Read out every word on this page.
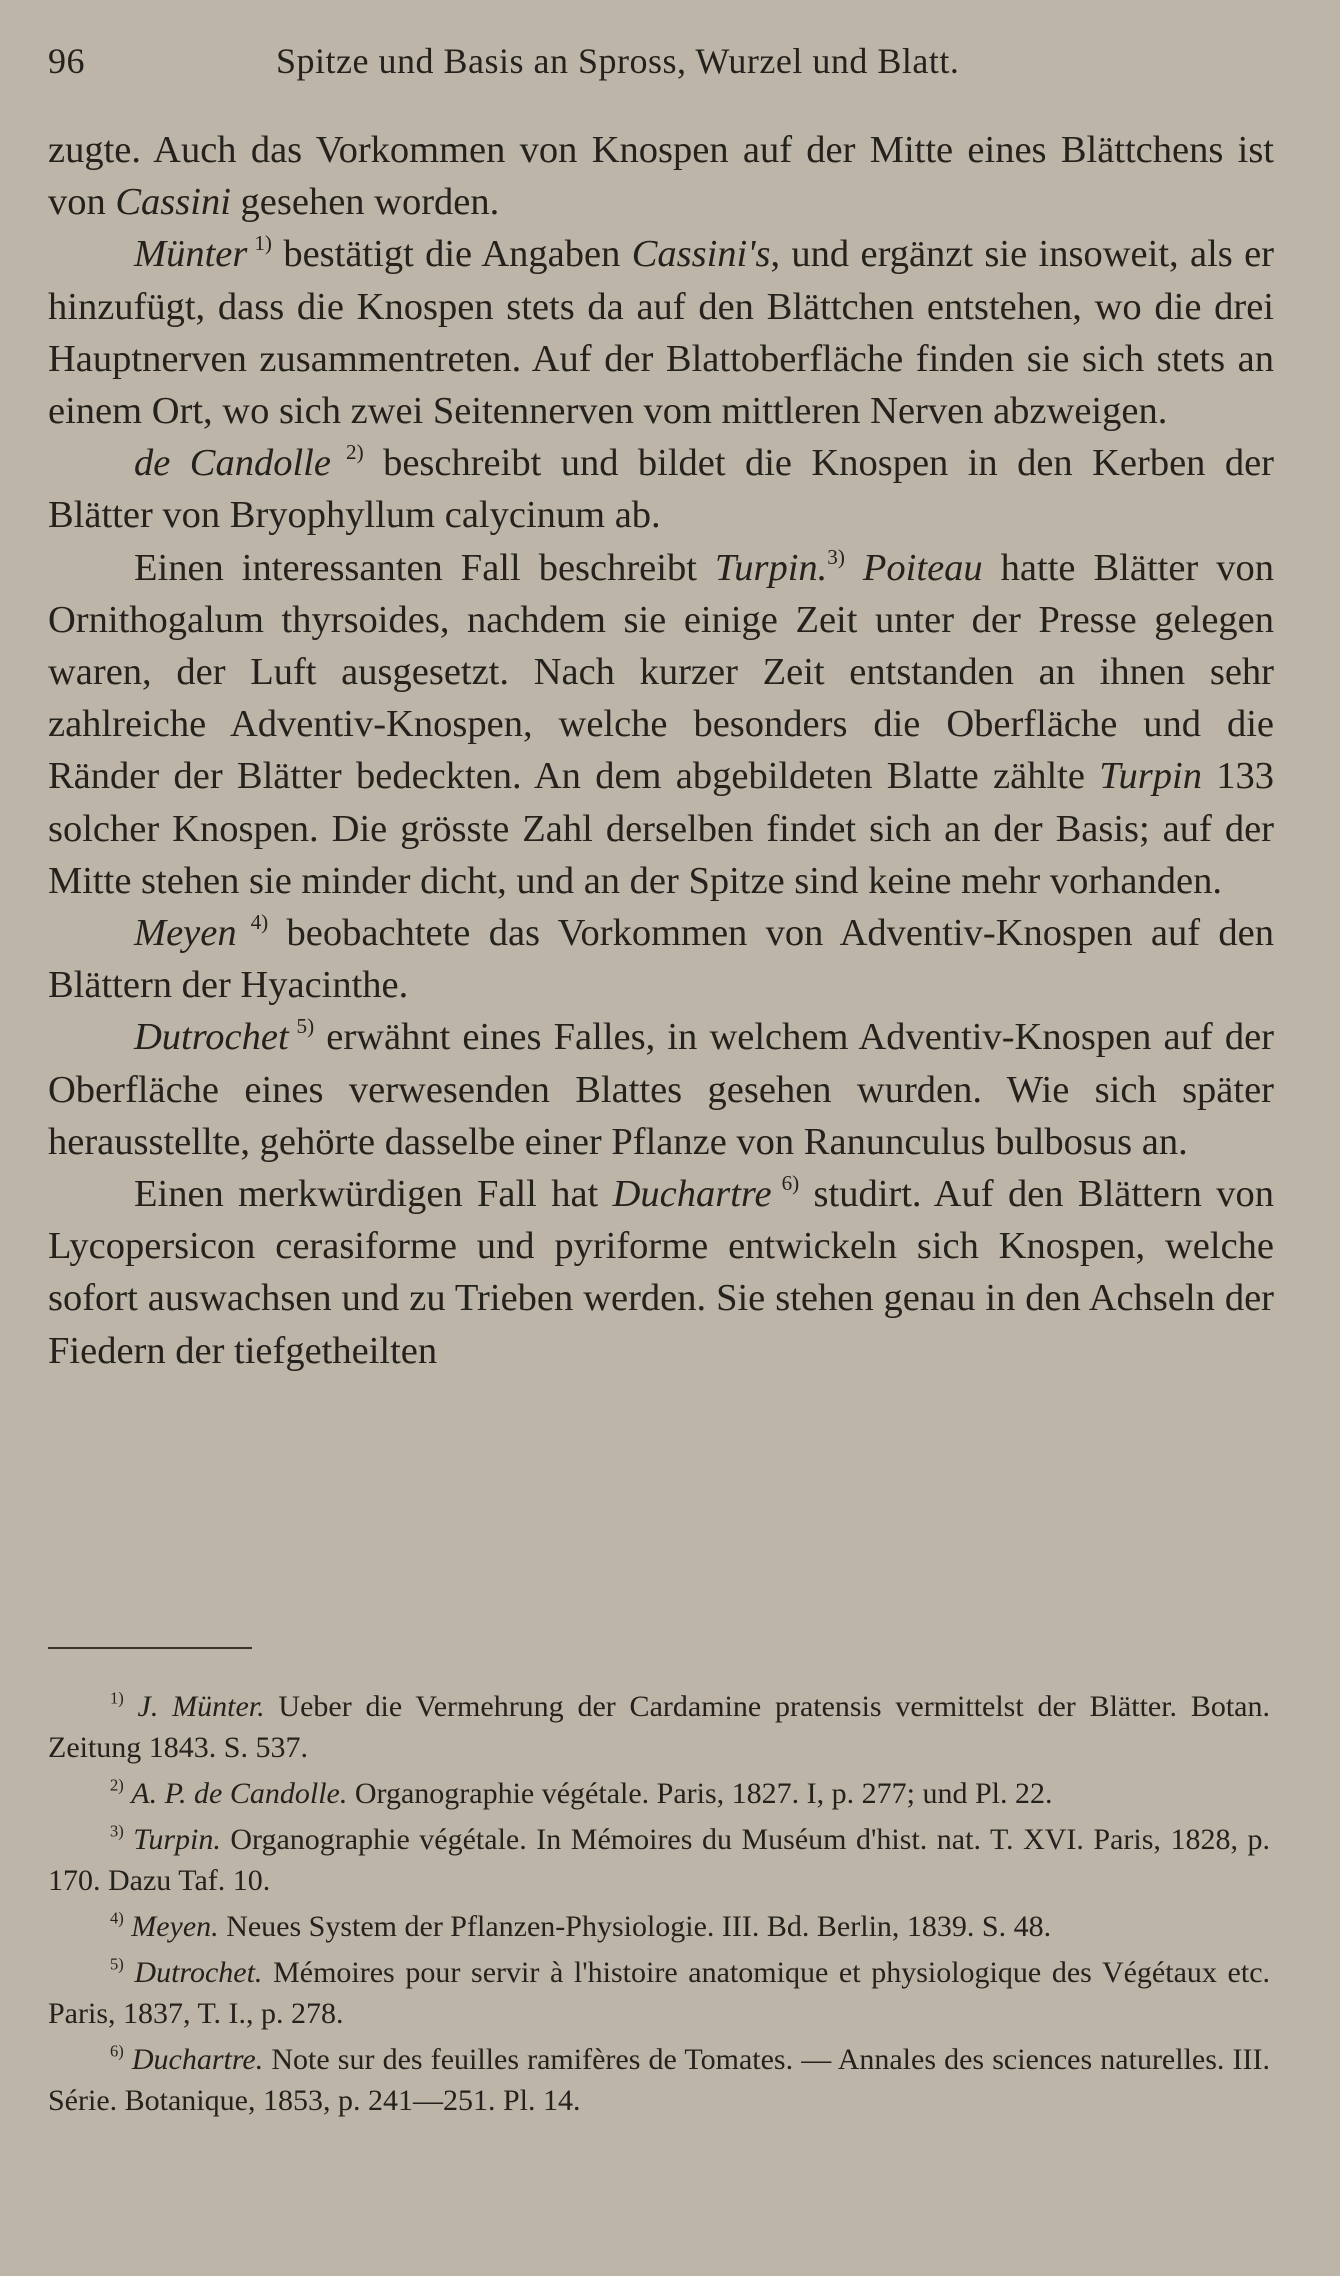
96	Spitze und Basis an Spross, Wurzel und Blatt.

zugte. Auch das Vorkommen von Knospen auf der Mitte eines Blättchens ist von Cassini gesehen worden.

Münter $^{1)}$ bestätigt die Angaben Cassini's, und ergänzt sie insoweit, als er hinzufügt, dass die Knospen stets da auf den Blättchen entstehen, wo die drei Hauptnerven zusammentreten. Auf der Blattoberfläche finden sie sich stets an einem Ort, wo sich zwei Seitennerven vom mittleren Nerven abzweigen.

de Candolle $^{2)}$ beschreibt und bildet die Knospen in den Kerben der Blätter von Bryophyllum calycinum ab.

Einen interessanten Fall beschreibt Turpin.$^{3)}$ Poiteau hatte Blätter von Ornithogalum thyrsoides, nachdem sie einige Zeit unter der Presse gelegen waren, der Luft ausgesetzt. Nach kurzer Zeit entstanden an ihnen sehr zahlreiche Adventiv-Knospen, welche besonders die Oberfläche und die Ränder der Blätter bedeckten. An dem abgebildeten Blatte zählte Turpin 133 solcher Knospen. Die grösste Zahl derselben findet sich an der Basis; auf der Mitte stehen sie minder dicht, und an der Spitze sind keine mehr vorhanden.

Meyen $^{4)}$ beobachtete das Vorkommen von Adventiv-Knospen auf den Blättern der Hyacinthe.

Dutrochet $^{5)}$ erwähnt eines Falles, in welchem Adventiv-Knospen auf der Oberfläche eines verwesenden Blattes gesehen wurden. Wie sich später herausstellte, gehörte dasselbe einer Pflanze von Ranunculus bulbosus an.

Einen merkwürdigen Fall hat Duchartre $^{6)}$ studirt. Auf den Blättern von Lycopersicon cerasiforme und pyriforme entwickeln sich Knospen, welche sofort auswachsen und zu Trieben werden. Sie stehen genau in den Achseln der Fiedern der tiefgetheilten

$^{1)}$ J. Münter. Ueber die Vermehrung der Cardamine pratensis vermittelst der Blätter. Botan. Zeitung 1843. S. 537.

$^{2)}$ A. P. de Candolle. Organographie végétale. Paris, 1827. I, p. 277; und Pl. 22.

$^{3)}$ Turpin. Organographie végétale. In Mémoires du Muséum d'hist. nat. T. XVI. Paris, 1828, p. 170. Dazu Taf. 10.

$^{4)}$ Meyen. Neues System der Pflanzen-Physiologie. III. Bd. Berlin, 1839. S. 48.

$^{5)}$ Dutrochet. Mémoires pour servir à l'histoire anatomique et physiologique des Végétaux etc. Paris, 1837, T. I., p. 278.

$^{6)}$ Duchartre. Note sur des feuilles ramifères de Tomates. — Annales des sciences naturelles. III. Série. Botanique, 1853, p. 241—251. Pl. 14.
